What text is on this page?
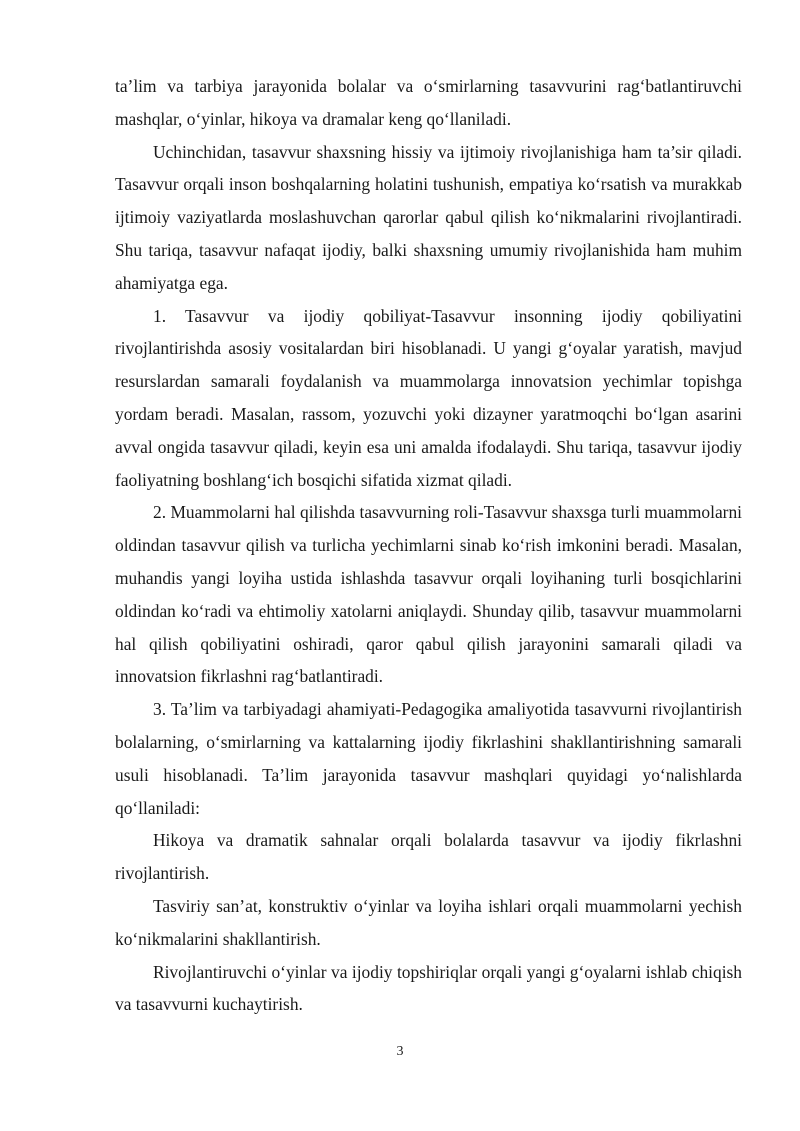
ta’lim va tarbiya jarayonida bolalar va o‘smirlarning tasavvurini rag‘batlantiruvchi mashqlar, o‘yinlar, hikoya va dramalar keng qo‘llaniladi.

Uchinchidan, tasavvur shaxsning hissiy va ijtimoiy rivojlanishiga ham ta’sir qiladi. Tasavvur orqali inson boshqalarning holatini tushunish, empatiya ko‘rsatish va murakkab ijtimoiy vaziyatlarda moslashuvchan qarorlar qabul qilish ko‘nikmalarini rivojlantiradi. Shu tariqa, tasavvur nafaqat ijodiy, balki shaxsning umumiy rivojlanishida ham muhim ahamiyatga ega.

1. Tasavvur va ijodiy qobiliyat-Tasavvur insonning ijodiy qobiliyatini rivojlantirishda asosiy vositalardan biri hisoblanadi. U yangi g‘oyalar yaratish, mavjud resurslardan samarali foydalanish va muammolarga innovatsion yechimlar topishga yordam beradi. Masalan, rassom, yozuvchi yoki dizayner yaratmoqchi bo‘lgan asarini avval ongida tasavvur qiladi, keyin esa uni amalda ifodalaydi. Shu tariqa, tasavvur ijodiy faoliyatning boshlang‘ich bosqichi sifatida xizmat qiladi.

2. Muammolarni hal qilishda tasavvurning roli-Tasavvur shaxsga turli muammolarni oldindan tasavvur qilish va turlicha yechimlarni sinab ko‘rish imkonini beradi. Masalan, muhandis yangi loyiha ustida ishlashda tasavvur orqali loyihaning turli bosqichlarini oldindan ko‘radi va ehtimoliy xatolarni aniqlaydi. Shunday qilib, tasavvur muammolarni hal qilish qobiliyatini oshiradi, qaror qabul qilish jarayonini samarali qiladi va innovatsion fikrlashni rag‘batlantiradi.

3. Ta’lim va tarbiyadagi ahamiyati-Pedagogika amaliyotida tasavvurni rivojlantirish bolalarning, o‘smirlarning va kattalarning ijodiy fikrlashini shakllantirishning samarali usuli hisoblanadi. Ta’lim jarayonida tasavvur mashqlari quyidagi yo‘nalishlarda qo‘llaniladi:

Hikoya va dramatik sahnalar orqali bolalarda tasavvur va ijodiy fikrlashni rivojlantirish.

Tasviriy san’at, konstruktiv o‘yinlar va loyiha ishlari orqali muammolarni yechish ko‘nikmalarini shakllantirish.

Rivojlantiruvchi o‘yinlar va ijodiy topshiriqlar orqali yangi g‘oyalarni ishlab chiqish va tasavvurni kuchaytirish.

3
